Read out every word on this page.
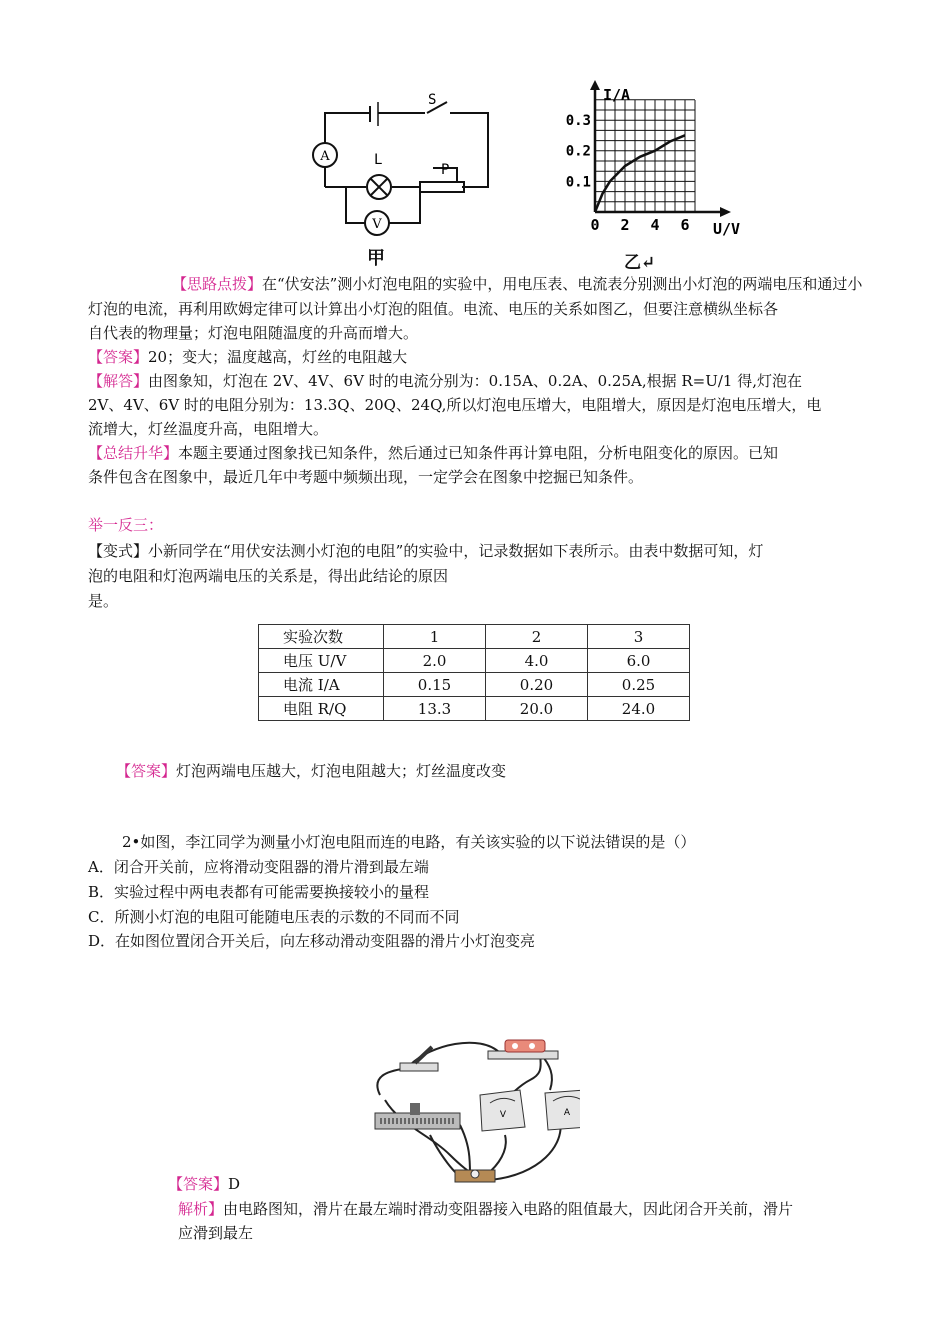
A
V
L
S
P
甲
0 2 4 6
0.1
0.2
0.3
I/A
U/V
乙↵
【思路点拨】在“伏安法”测小灯泡电阻的实验中，用电压表、电流表分别测出小灯泡的两端电压和通过小
灯泡的电流，再利用欧姆定律可以计算出小灯泡的阻值。电流、电压的关系如图乙，但要注意横纵坐标各
自代表的物理量；灯泡电阻随温度的升高而增大。
【答案】20；变大；温度越高，灯丝的电阻越大
【解答】由图象知，灯泡在 2V、4V、6V 时的电流分别为：0.15A、0.2A、0.25A,根据 R=U/1 得,灯泡在
2V、4V、6V 时的电阻分别为：13.3Q、20Q、24Q,所以灯泡电压增大，电阻增大，原因是灯泡电压增大，电
流增大，灯丝温度升高，电阻增大。
【总结升华】本题主要通过图象找已知条件，然后通过已知条件再计算电阻，分析电阻变化的原因。已知
条件包含在图象中，最近几年中考题中频频出现，一定学会在图象中挖掘已知条件。
举一反三：
【变式】小新同学在“用伏安法测小灯泡的电阻”的实验中，记录数据如下表所示。由表中数据可知，灯
泡的电阻和灯泡两端电压的关系是，得出此结论的原因
是。
实验次数	1	2	3
电压 U/V	2.0	4.0	6.0
电流 I/A	0.15	0.20	0.25
电阻 R/Q	13.3	20.0	24.0
【答案】灯泡两端电压越大，灯泡电阻越大；灯丝温度改变
2•如图，李江同学为测量小灯泡电阻而连的电路，有关该实验的以下说法错误的是（）
A．闭合开关前，应将滑动变阻器的滑片滑到最左端
B．实验过程中两电表都有可能需要换接较小的量程
C．所测小灯泡的电阻可能随电压表的示数的不同而不同
D．在如图位置闭合开关后，向左移动滑动变阻器的滑片小灯泡变亮
V	A
【答案】D
解析】由电路图知，滑片在最左端时滑动变阻器接入电路的阻值最大，因此闭合开关前，滑片
应滑到最左
